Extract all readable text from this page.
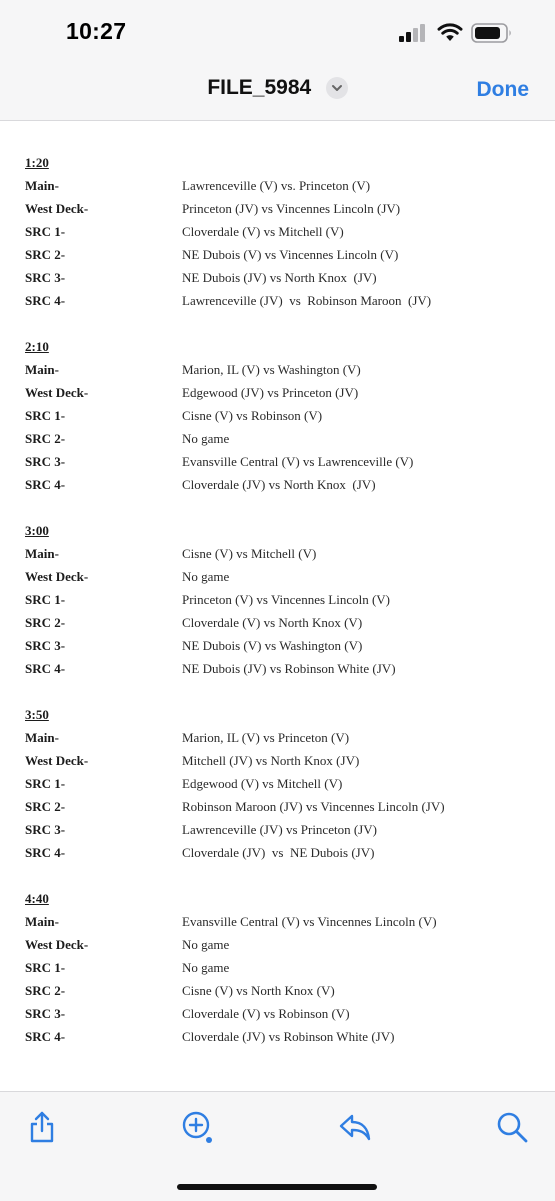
10:27
FILE_5984	Done
1:20
Main-	Lawrenceville (V) vs. Princeton (V)
West Deck-	Princeton (JV) vs Vincennes Lincoln (JV)
SRC 1-	Cloverdale (V) vs Mitchell (V)
SRC 2-	NE Dubois (V) vs Vincennes Lincoln (V)
SRC 3-	NE Dubois (JV) vs North Knox  (JV)
SRC 4-	Lawrenceville (JV)  vs  Robinson Maroon  (JV)
2:10
Main-	Marion, IL (V) vs Washington (V)
West Deck-	Edgewood (JV) vs Princeton (JV)
SRC 1-	Cisne (V) vs Robinson (V)
SRC 2-	No game
SRC 3-	Evansville Central (V) vs Lawrenceville (V)
SRC 4-	Cloverdale (JV) vs North Knox  (JV)
3:00
Main-	Cisne (V) vs Mitchell (V)
West Deck-	No game
SRC 1-	Princeton (V) vs Vincennes Lincoln (V)
SRC 2-	Cloverdale (V) vs North Knox (V)
SRC 3-	NE Dubois (V) vs Washington (V)
SRC 4-	NE Dubois (JV) vs Robinson White (JV)
3:50
Main-	Marion, IL (V) vs Princeton (V)
West Deck-	Mitchell (JV) vs North Knox (JV)
SRC 1-	Edgewood (V) vs Mitchell (V)
SRC 2-	Robinson Maroon (JV) vs Vincennes Lincoln (JV)
SRC 3-	Lawrenceville (JV) vs Princeton (JV)
SRC 4-	Cloverdale (JV)  vs  NE Dubois (JV)
4:40
Main-	Evansville Central (V) vs Vincennes Lincoln (V)
West Deck-	No game
SRC 1-	No game
SRC 2-	Cisne (V) vs North Knox (V)
SRC 3-	Cloverdale (V) vs Robinson (V)
SRC 4-	Cloverdale (JV) vs Robinson White (JV)
